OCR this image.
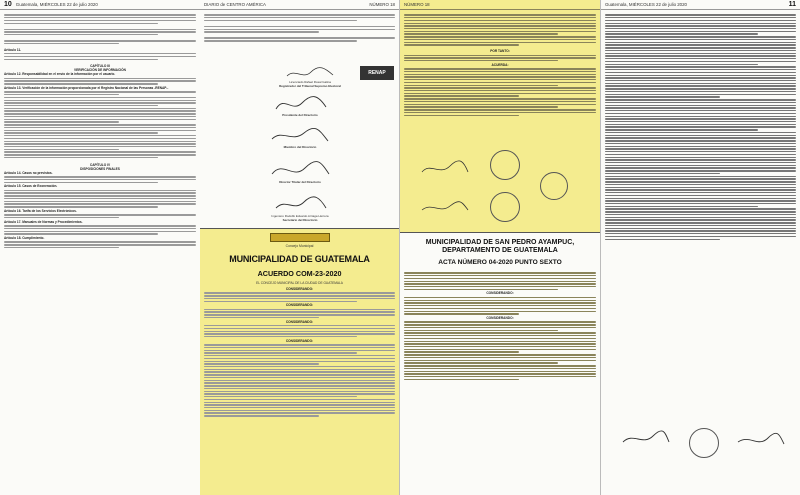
10 Guatemala, MIÉRCOLES 22 de julio 2020
Artículo 11.
CAPÍTULO III
VERIFICACIÓN DE INFORMACIÓN
Artículo 12. Responsabilidad en el envío de la información por el usuario.
Artículo 13. Verificación de la información proporcionada por el Registro Nacional de las Personas -RENAP-.
CAPÍTULO IV
DISPOSICIONES FINALES
Artículo 14. Casos no previstos.
Artículo 15. Casos de Exoneración.
Artículo 16. Tarifa de los Servicios Electrónicos.
Artículo 17. Manuales de Normas y Procedimientos.
Artículo 18. Cumplimiento.
DIARIO de CENTRO AMÉRICA	NÚMERO 18
Licenciado Rafael Rosal Galina
Registrador del Tribunal Supremo Electoral
RENAP
Presidente del Directorio
Miembro del Directorio
Director Titular del Directorio
Ingeniero Rodolfo Eduardo Arriaga Herrera
Secretario del Directorio
Concejo Municipal
MUNICIPALIDAD DE GUATEMALA
ACUERDO COM-23-2020
EL CONCEJO MUNICIPAL DE LA CIUDAD DE GUATEMALA
CONSIDERANDO:
CONSIDERANDO:
CONSIDERANDO:
CONSIDERANDO:
NÚMERO 18
POR TANTO:
ACUERDA:
MUNICIPALIDAD DE SAN PEDRO AYAMPUC, DEPARTAMENTO DE GUATEMALA
ACTA NÚMERO 04-2020 PUNTO SEXTO
CONSIDERANDO:
CONSIDERANDO:
Guatemala, MIÉRCOLES 22 de julio 2020	11
